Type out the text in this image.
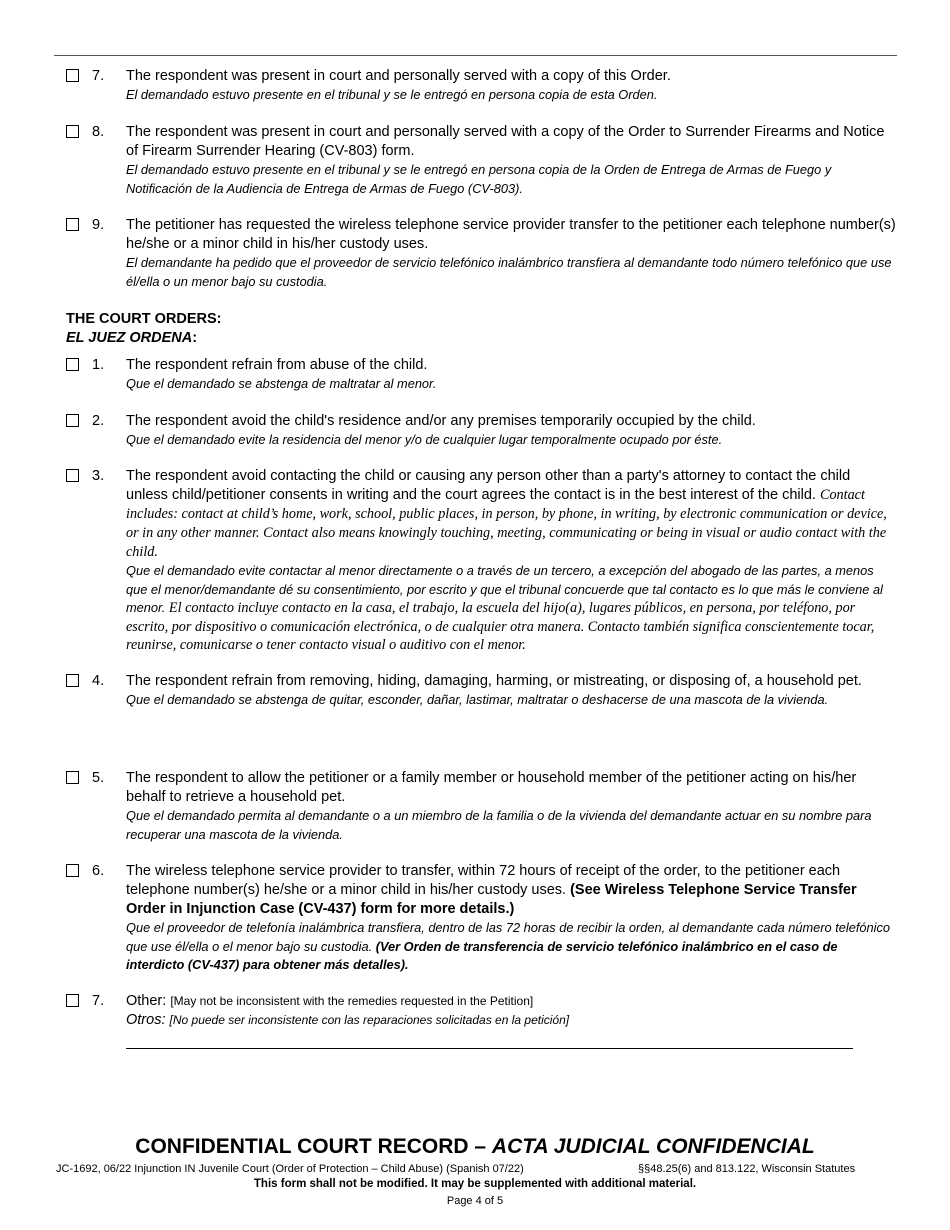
7. The respondent was present in court and personally served with a copy of this Order.
El demandado estuvo presente en el tribunal y se le entregó en persona copia de esta Orden.
8. The respondent was present in court and personally served with a copy of the Order to Surrender Firearms and Notice of Firearm Surrender Hearing (CV-803) form.
El demandado estuvo presente en el tribunal y se le entregó en persona copia de la Orden de Entrega de Armas de Fuego y Notificación de la Audiencia de Entrega de Armas de Fuego (CV-803).
9. The petitioner has requested the wireless telephone service provider transfer to the petitioner each telephone number(s) he/she or a minor child in his/her custody uses.
El demandante ha pedido que el proveedor de servicio telefónico inalámbrico transfiera al demandante todo número telefónico que use él/ella o un menor bajo su custodia.
THE COURT ORDERS:
EL JUEZ ORDENA:
1. The respondent refrain from abuse of the child.
Que el demandado se abstenga de maltratar al menor.
2. The respondent avoid the child's residence and/or any premises temporarily occupied by the child.
Que el demandado evite la residencia del menor y/o de cualquier lugar temporalmente ocupado por éste.
3. The respondent avoid contacting the child or causing any person other than a party's attorney to contact the child unless child/petitioner consents in writing and the court agrees the contact is in the best interest of the child. Contact includes: contact at child’s home, work, school, public places, in person, by phone, in writing, by electronic communication or device, or in any other manner. Contact also means knowingly touching, meeting, communicating or being in visual or audio contact with the child.
Que el demandado evite contactar al menor directamente o a través de un tercero, a excepción del abogado de las partes, a menos que el menor/demandante dé su consentimiento, por escrito y que el tribunal concuerde que tal contacto es lo que más le conviene al menor. El contacto incluye contacto en la casa, el trabajo, la escuela del hijo(a), lugares públicos, en persona, por teléfono, por escrito, por dispositivo o comunicación electrónica, o de cualquier otra manera. Contacto también significa conscientemente tocar, reunirse, comunicarse o tener contacto visual o auditivo con el menor.
4. The respondent refrain from removing, hiding, damaging, harming, or mistreating, or disposing of, a household pet.
Que el demandado se abstenga de quitar, esconder, dañar, lastimar, maltratar o deshacerse de una mascota de la vivienda.
5. The respondent to allow the petitioner or a family member or household member of the petitioner acting on his/her behalf to retrieve a household pet.
Que el demandado permita al demandante o a un miembro de la familia o de la vivienda del demandante actuar en su nombre para recuperar una mascota de la vivienda.
6. The wireless telephone service provider to transfer, within 72 hours of receipt of the order, to the petitioner each telephone number(s) he/she or a minor child in his/her custody uses. (See Wireless Telephone Service Transfer Order in Injunction Case (CV-437) form for more details.)
Que el proveedor de telefonía inalámbrica transfiera, dentro de las 72 horas de recibir la orden, al demandante cada número telefónico que use él/ella o el menor bajo su custodia. (Ver Orden de transferencia de servicio telefónico inalámbrico en el caso de interdicto (CV-437) para obtener más detalles).
7. Other: [May not be inconsistent with the remedies requested in the Petition]
Otros: [No puede ser inconsistente con las reparaciones solicitadas en la petición]
CONFIDENTIAL COURT RECORD – ACTA JUDICIAL CONFIDENCIAL
JC-1692, 06/22 Injunction IN Juvenile Court (Order of Protection – Child Abuse) (Spanish 07/22)	§§48.25(6) and 813.122, Wisconsin Statutes
This form shall not be modified. It may be supplemented with additional material.
Page 4 of 5
